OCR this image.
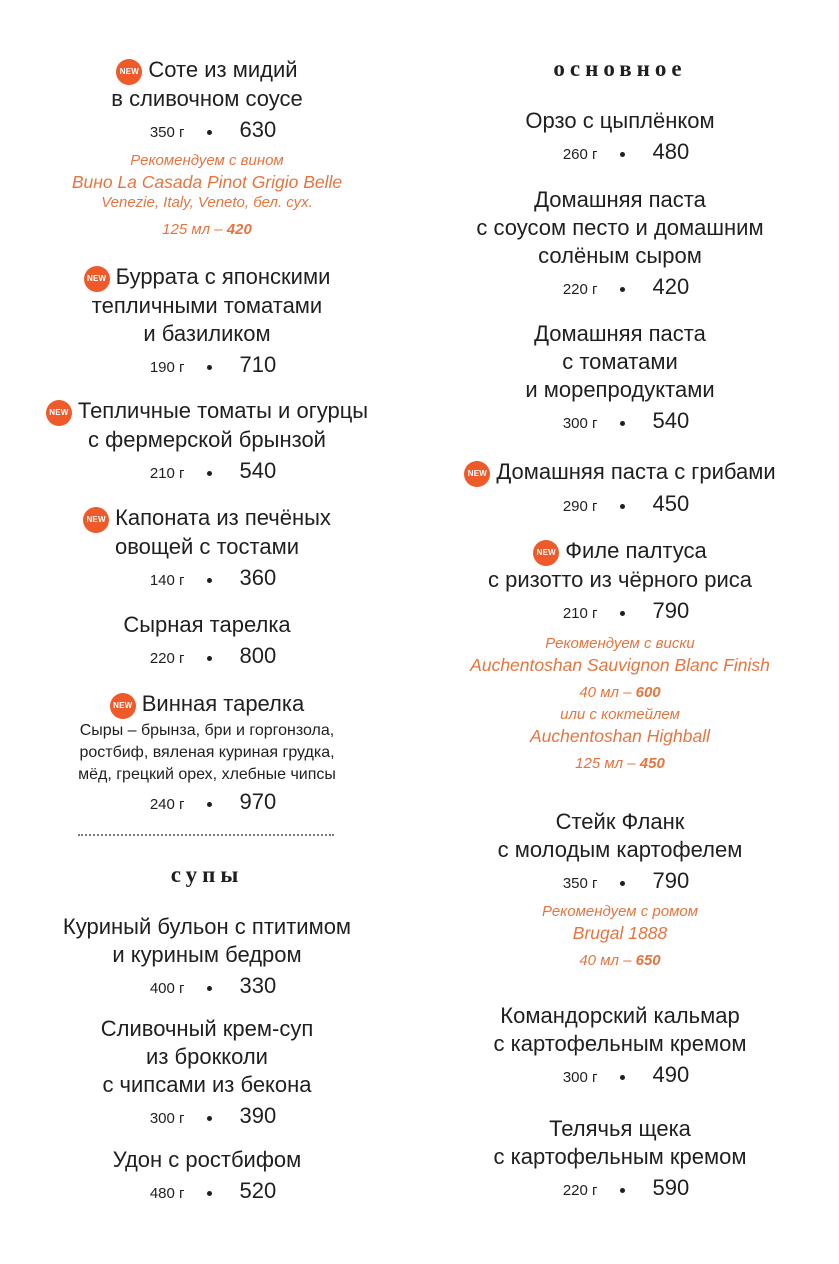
NEW Соте из мидий
в сливочном соусе
350 г	630
Рекомендуем с вином
Вино La Casada Pinot Grigio Belle
Venezie, Italy, Veneto, бел. сух.
125 мл – 420
NEW Буррата с японскими
тепличными томатами
и базиликом
190 г	710
NEW Тепличные томаты и огурцы
с фермерской брынзой
210 г	540
NEW Капоната из печёных
овощей с тостами
140 г	360
Сырная тарелка
220 г	800
NEW Винная тарелка
Сыры – брынза, бри и горгонзола,
ростбиф, вяленая куриная грудка,
мёд, грецкий орех, хлебные чипсы
240 г	970
супы
Куриный бульон с птитимом
и куриным бедром
400 г	330
Сливочный крем-суп
из брокколи
с чипсами из бекона
300 г	390
Удон с ростбифом
480 г	520
основное
Орзо с цыплёнком
260 г	480
Домашняя паста
с соусом песто и домашним
солёным сыром
220 г	420
Домашняя паста
с томатами
и морепродуктами
300 г	540
NEW Домашняя паста с грибами
290 г	450
NEW Филе палтуса
с ризотто из чёрного риса
210 г	790
Рекомендуем с виски
Auchentoshan Sauvignon Blanc Finish
40 мл – 600
или с коктейлем
Auchentoshan Highball
125 мл – 450
Стейк Фланк
с молодым картофелем
350 г	790
Рекомендуем с ромом
Brugal 1888
40 мл – 650
Командорский кальмар
с картофельным кремом
300 г	490
Телячья щека
с картофельным кремом
220 г	590
